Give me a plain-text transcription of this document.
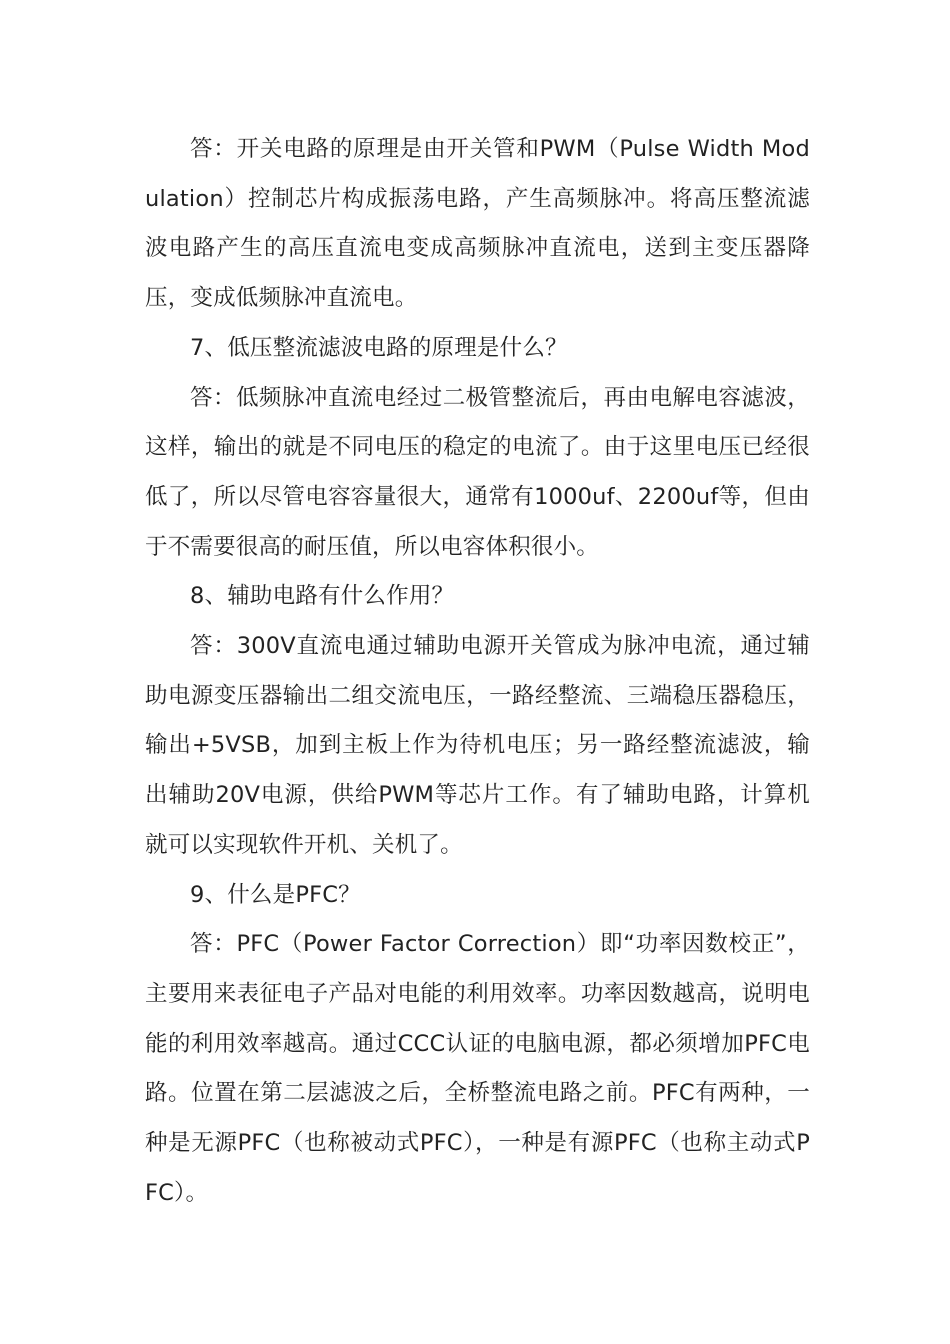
答：开关电路的原理是由开关管和PWM（Pulse Width Modulation）控制芯片构成振荡电路，产生高频脉冲。将高压整流滤波电路产生的高压直流电变成高频脉冲直流电，送到主变压器降压，变成低频脉冲直流电。

7、低压整流滤波电路的原理是什么？

答：低频脉冲直流电经过二极管整流后，再由电解电容滤波，这样，输出的就是不同电压的稳定的电流了。由于这里电压已经很低了，所以尽管电容容量很大，通常有1000uf、2200uf等，但由于不需要很高的耐压值，所以电容体积很小。

8、辅助电路有什么作用？

答：300V直流电通过辅助电源开关管成为脉冲电流，通过辅助电源变压器输出二组交流电压，一路经整流、三端稳压器稳压，输出+5VSB，加到主板上作为待机电压；另一路经整流滤波，输出辅助20V电源，供给PWM等芯片工作。有了辅助电路，计算机就可以实现软件开机、关机了。

9、什么是PFC？

答：PFC（Power Factor Correction）即“功率因数校正”，主要用来表征电子产品对电能的利用效率。功率因数越高，说明电能的利用效率越高。通过CCC认证的电脑电源，都必须增加PFC电路。位置在第二层滤波之后，全桥整流电路之前。PFC有两种，一种是无源PFC（也称被动式PFC），一种是有源PFC（也称主动式PFC）。
